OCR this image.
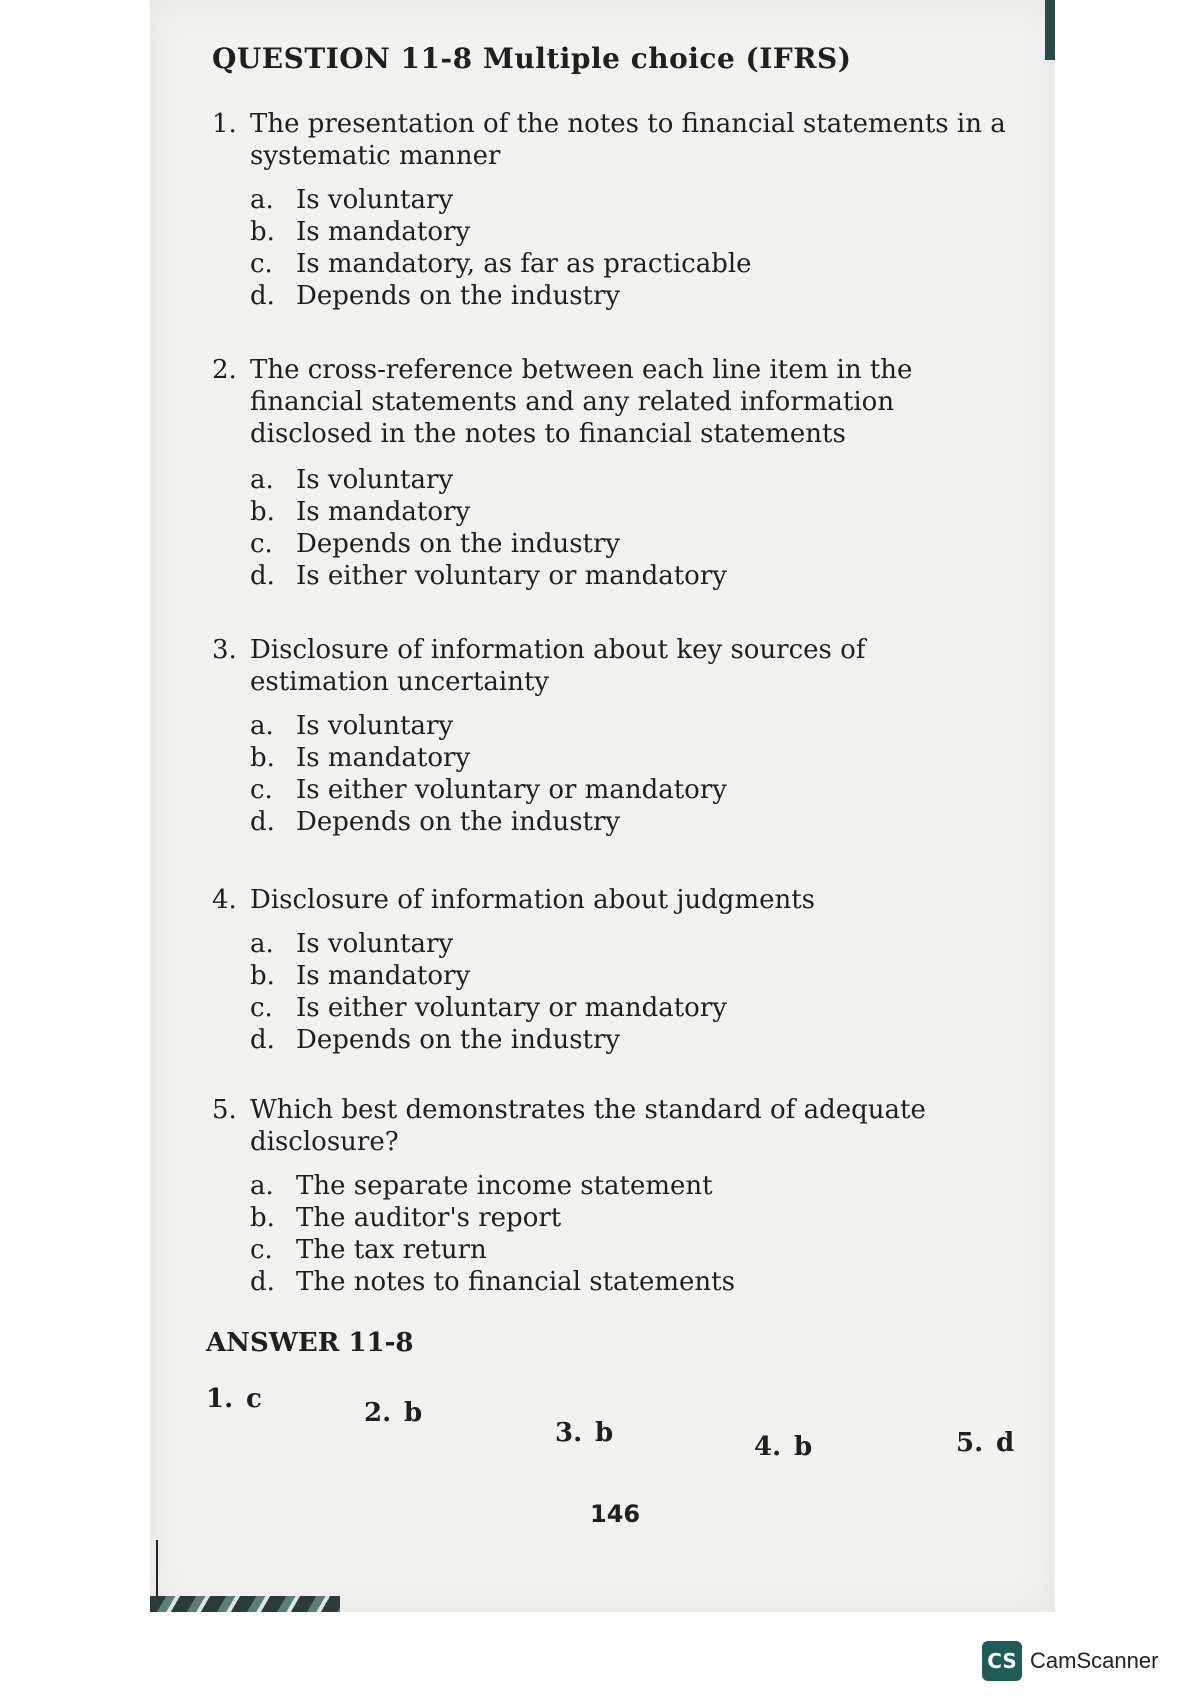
QUESTION 11-8 Multiple choice (IFRS)
1. The presentation of the notes to financial statements in a systematic manner
a. Is voluntary
b. Is mandatory
c. Is mandatory, as far as practicable
d. Depends on the industry
2. The cross-reference between each line item in the financial statements and any related information disclosed in the notes to financial statements
a. Is voluntary
b. Is mandatory
c. Depends on the industry
d. Is either voluntary or mandatory
3. Disclosure of information about key sources of estimation uncertainty
a. Is voluntary
b. Is mandatory
c. Is either voluntary or mandatory
d. Depends on the industry
4. Disclosure of information about judgments
a. Is voluntary
b. Is mandatory
c. Is either voluntary or mandatory
d. Depends on the industry
5. Which best demonstrates the standard of adequate disclosure?
a. The separate income statement
b. The auditor's report
c. The tax return
d. The notes to financial statements
ANSWER 11-8
1. c	2. b
3. b	4. b	5. d
146
CS CamScanner
